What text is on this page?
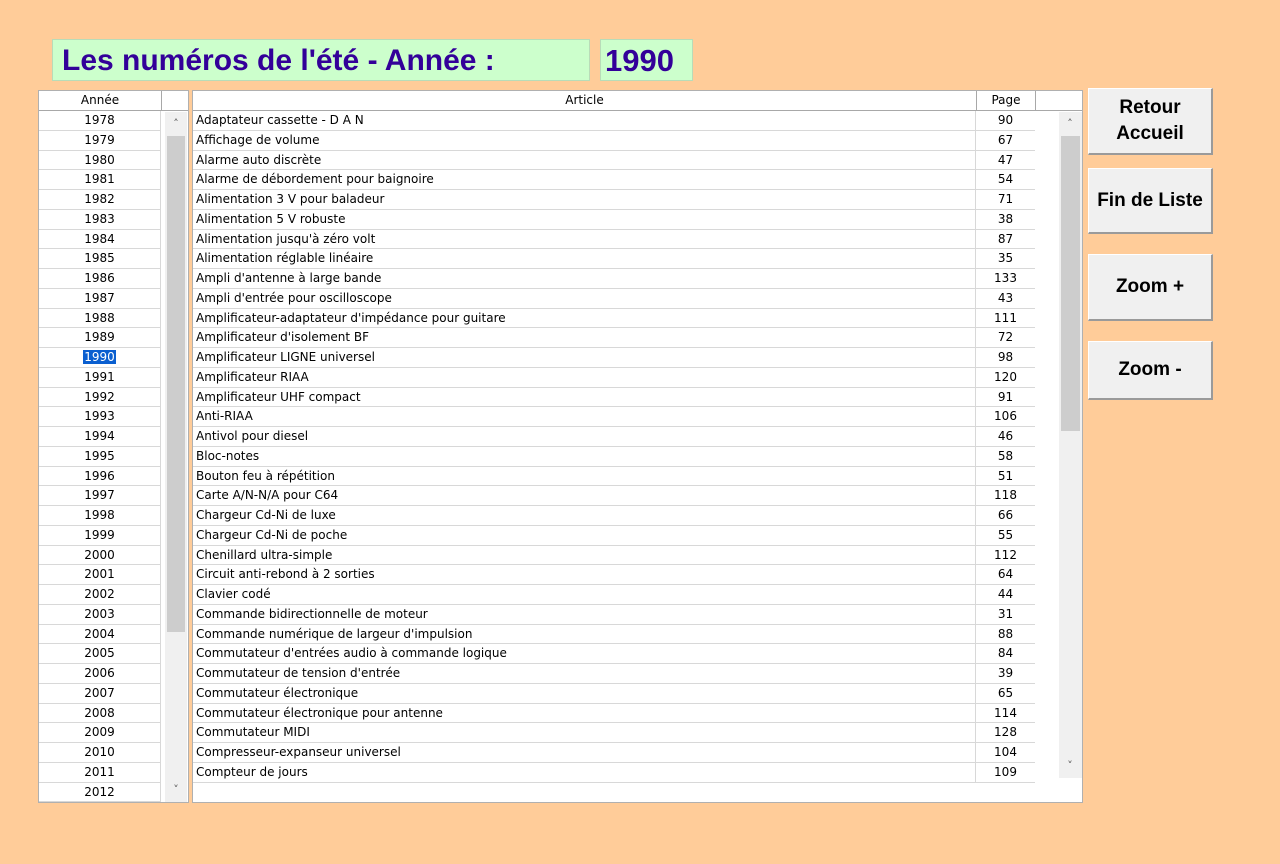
Les numéros de l'été - Année :	1990
Année
1978
1979
1980
1981
1982
1983
1984
1985
1986
1987
1988
1989
1990
1991
1992
1993
1994
1995
1996
1997
1998
1999
2000
2001
2002
2003
2004
2005
2006
2007
2008
2009
2010
2011
2012
˄
˅
Article	Page
Adaptateur cassette - D A N	90
Affichage de volume	67
Alarme auto discrète	47
Alarme de débordement pour baignoire	54
Alimentation 3 V pour baladeur	71
Alimentation 5 V robuste	38
Alimentation jusqu'à zéro volt	87
Alimentation réglable linéaire	35
Ampli d'antenne à large bande	133
Ampli d'entrée pour oscilloscope	43
Amplificateur-adaptateur d'impédance pour guitare	111
Amplificateur d'isolement BF	72
Amplificateur LIGNE universel	98
Amplificateur RIAA	120
Amplificateur UHF compact	91
Anti-RIAA	106
Antivol pour diesel	46
Bloc-notes	58
Bouton feu à répétition	51
Carte A/N-N/A pour C64	118
Chargeur Cd-Ni de luxe	66
Chargeur Cd-Ni de poche	55
Chenillard ultra-simple	112
Circuit anti-rebond à 2 sorties	64
Clavier codé	44
Commande bidirectionnelle de moteur	31
Commande numérique de largeur d'impulsion	88
Commutateur d'entrées audio à commande logique	84
Commutateur de tension d'entrée	39
Commutateur électronique	65
Commutateur électronique pour antenne	114
Commutateur MIDI	128
Compresseur-expanseur universel	104
Compteur de jours	109
˄
˅
Retour
Accueil
Fin de Liste
Zoom +
Zoom -
